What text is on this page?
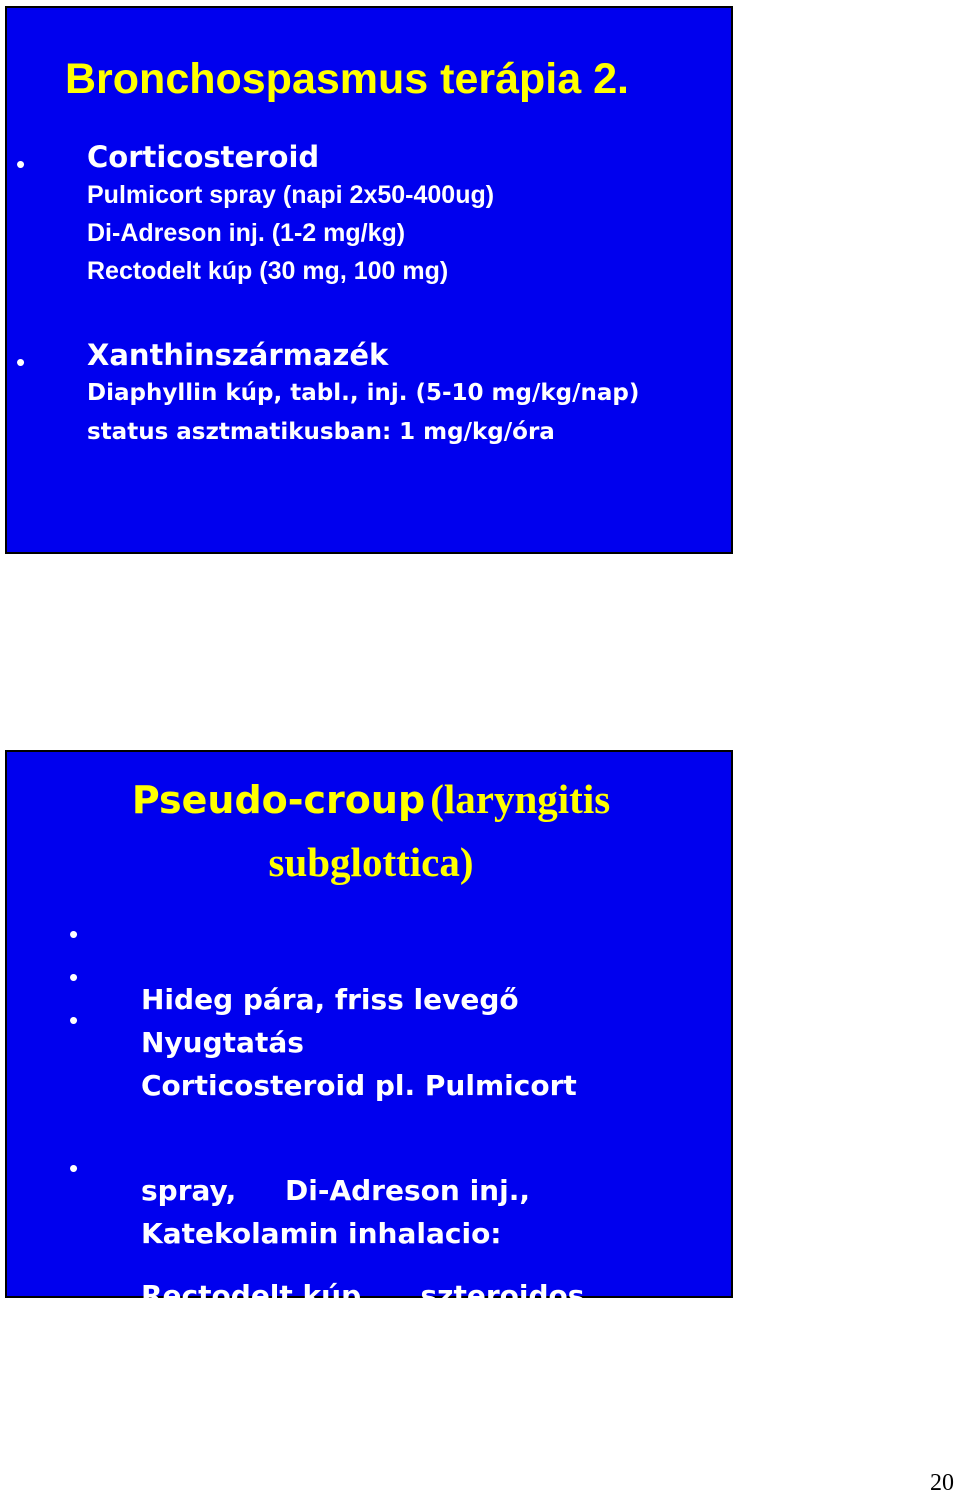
Bronchospasmus terápia 2.
• Corticosteroid
Pulmicort spray (napi 2x50-400ug)
Di-Adreson inj. (1-2 mg/kg)
Rectodelt kúp (30 mg, 100 mg)
• Xanthinszármazék
Diaphyllin kúp, tabl., inj. (5-10 mg/kg/nap)
status asztmatikusban: 1 mg/kg/óra
Pseudo-croup (laryngitis
subglottica)
•

Hideg pára, friss levegő

•

Nyugtatás

•

Corticosteroid pl. Pulmicort

spray,     Di-Adreson inj.,

Rectodelt kúp,     szteroidos

inhaláció

•

Katekolamin inhalacio:

Micronephrin       (adrenalin)

20
